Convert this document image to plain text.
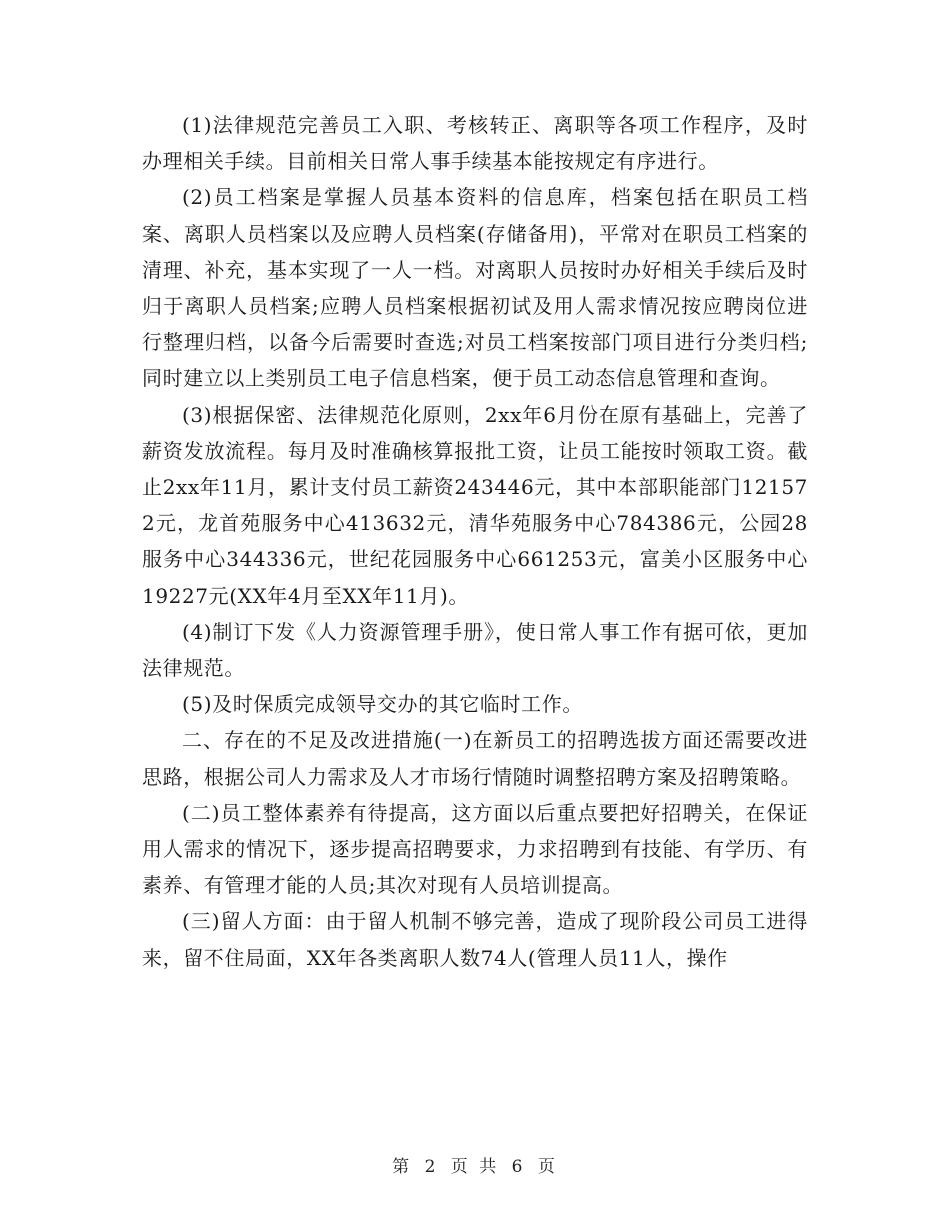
(1)法律规范完善员工入职、考核转正、离职等各项工作程序，及时办理相关手续。目前相关日常人事手续基本能按规定有序进行。

(2)员工档案是掌握人员基本资料的信息库，档案包括在职员工档案、离职人员档案以及应聘人员档案(存储备用)，平常对在职员工档案的清理、补充，基本实现了一人一档。对离职人员按时办好相关手续后及时归于离职人员档案;应聘人员档案根据初试及用人需求情况按应聘岗位进行整理归档，以备今后需要时查选;对员工档案按部门项目进行分类归档;同时建立以上类别员工电子信息档案，便于员工动态信息管理和查询。

(3)根据保密、法律规范化原则，2xx年6月份在原有基础上，完善了薪资发放流程。每月及时准确核算报批工资，让员工能按时领取工资。截止2xx年11月，累计支付员工薪资243446元，其中本部职能部门121572元，龙首苑服务中心413632元，清华苑服务中心784386元，公园28服务中心344336元，世纪花园服务中心661253元，富美小区服务中心19227元(XX年4月至XX年11月)。

(4)制订下发《人力资源管理手册》，使日常人事工作有据可依，更加法律规范。

(5)及时保质完成领导交办的其它临时工作。

二、存在的不足及改进措施(一)在新员工的招聘选拔方面还需要改进思路，根据公司人力需求及人才市场行情随时调整招聘方案及招聘策略。

(二)员工整体素养有待提高，这方面以后重点要把好招聘关，在保证用人需求的情况下，逐步提高招聘要求，力求招聘到有技能、有学历、有素养、有管理才能的人员;其次对现有人员培训提高。

(三)留人方面：由于留人机制不够完善，造成了现阶段公司员工进得来，留不住局面，XX年各类离职人数74人(管理人员11人，操作

第 2 页 共 6 页
